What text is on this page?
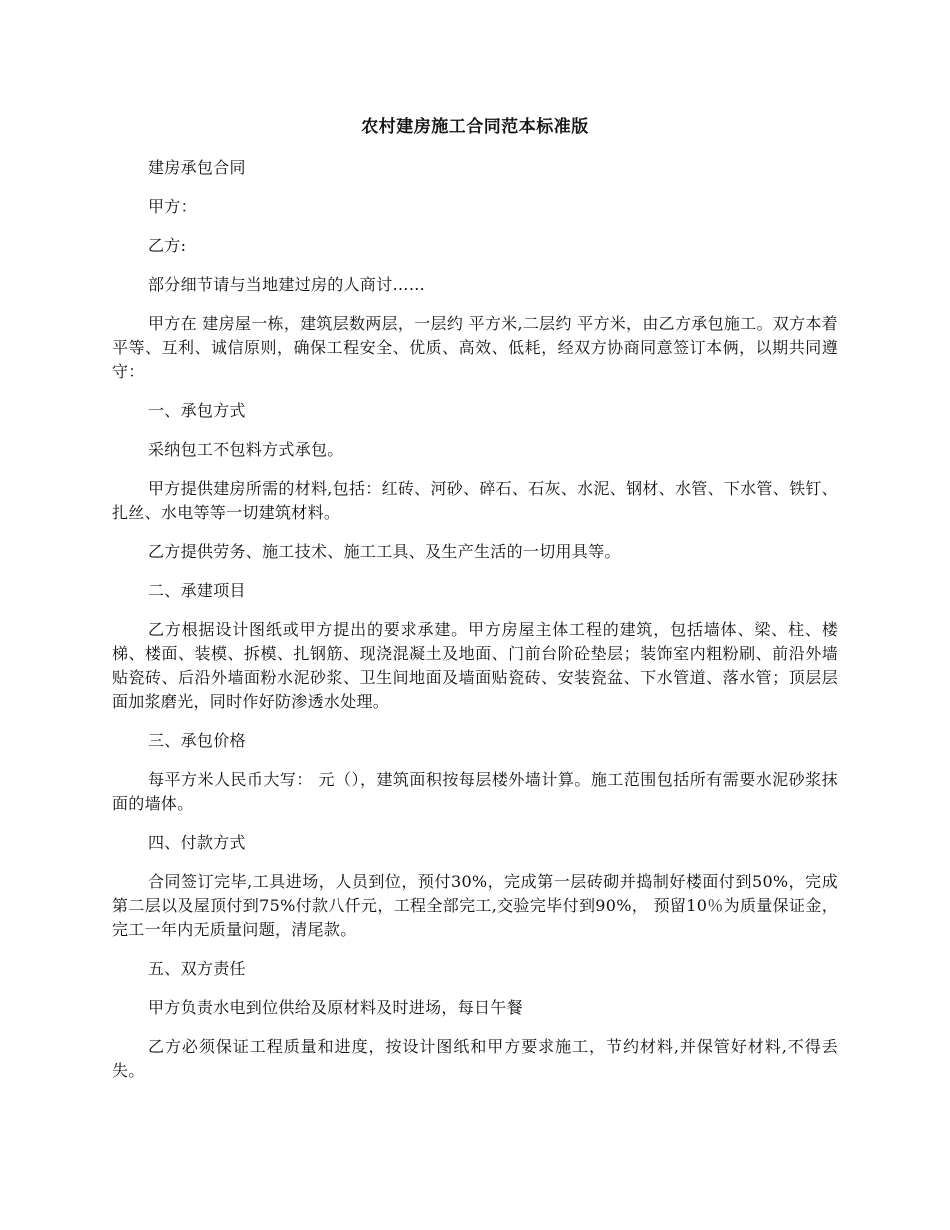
农村建房施工合同范本标准版

建房承包合同

甲方：

乙方:

部分细节请与当地建过房的人商讨……

甲方在 建房屋一栋，建筑层数两层，一层约 平方米,二层约 平方米，由乙方承包施工。双方本着平等、互利、诚信原则，确保工程安全、优质、高效、低耗，经双方协商同意签订本俩，以期共同遵守：

一、承包方式

采纳包工不包料方式承包。

甲方提供建房所需的材料,包括：红砖、河砂、碎石、石灰、水泥、钢材、水管、下水管、铁钉、扎丝、水电等等一切建筑材料。

乙方提供劳务、施工技术、施工工具、及生产生活的一切用具等。

二、承建项目

乙方根据设计图纸或甲方提出的要求承建。甲方房屋主体工程的建筑，包括墙体、梁、柱、楼梯、楼面、装模、拆模、扎钢筋、现浇混凝土及地面、门前台阶砼垫层；装饰室内粗粉刷、前沿外墙贴瓷砖、后沿外墙面粉水泥砂浆、卫生间地面及墙面贴瓷砖、安装瓷盆、下水管道、落水管；顶层层面加浆磨光，同时作好防渗透水处理。

三、承包价格

每平方米人民币大写： 元（），建筑面积按每层楼外墙计算。施工范围包括所有需要水泥砂浆抹面的墙体。

四、付款方式

合同签订完毕,工具进场，人员到位，预付30%，完成第一层砖砌并捣制好楼面付到50%，完成第二层以及屋顶付到75%付款八仟元，工程全部完工,交验完毕付到90%， 预留10％为质量保证金，完工一年内无质量问题，清尾款。

五、双方责任

甲方负责水电到位供给及原材料及时进场，每日午餐

乙方必须保证工程质量和进度，按设计图纸和甲方要求施工，节约材料,并保管好材料,不得丢失。
